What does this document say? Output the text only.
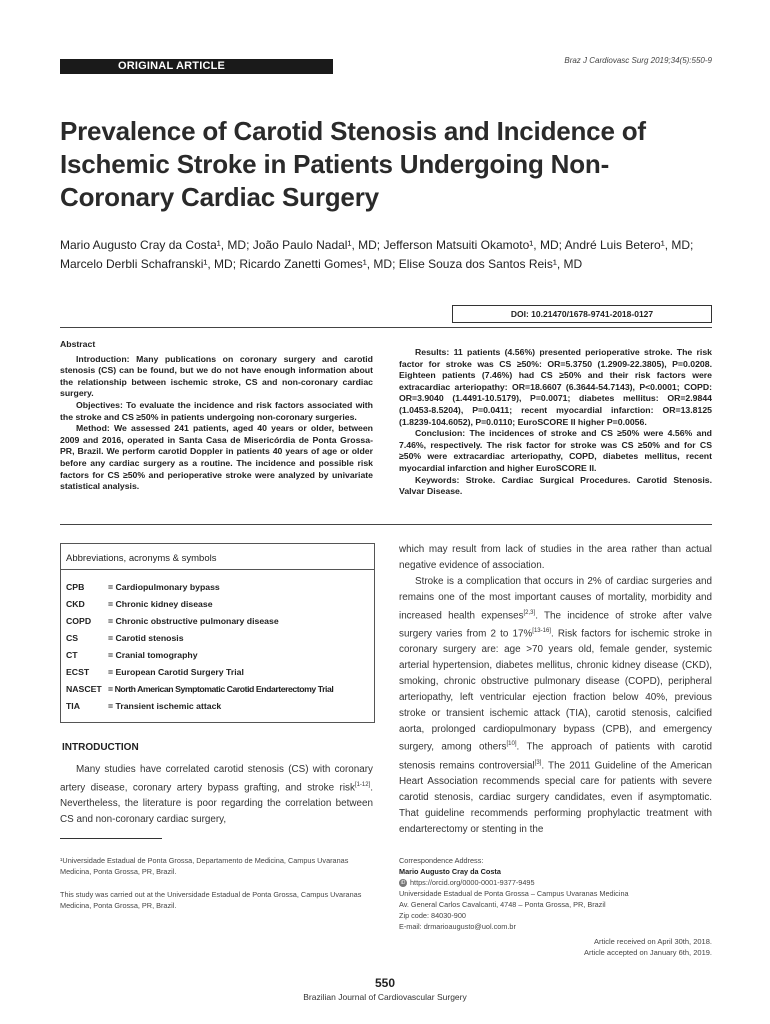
ORIGINAL ARTICLE	Braz J Cardiovasc Surg 2019;34(5):550-9
Prevalence of Carotid Stenosis and Incidence of Ischemic Stroke in Patients Undergoing Non-Coronary Cardiac Surgery
Mario Augusto Cray da Costa¹, MD; João Paulo Nadal¹, MD; Jefferson Matsuiti Okamoto¹, MD; André Luis Betero¹, MD; Marcelo Derbli Schafranski¹, MD; Ricardo Zanetti Gomes¹, MD; Elise Souza dos Santos Reis¹, MD
DOI: 10.21470/1678-9741-2018-0127

Abstract

Introduction: Many publications on coronary surgery and carotid stenosis (CS) can be found, but we do not have enough information about the relationship between ischemic stroke, CS and non-coronary cardiac surgery.

Objectives: To evaluate the incidence and risk factors associated with the stroke and CS ≥50% in patients undergoing non-coronary surgeries.

Method: We assessed 241 patients, aged 40 years or older, between 2009 and 2016, operated in Santa Casa de Misericórdia de Ponta Grossa-PR, Brazil. We perform carotid Doppler in patients 40 years of age or older before any cardiac surgery as a routine. The incidence and possible risk factors for CS ≥50% and perioperative stroke were analyzed by univariate statistical analysis.

Results: 11 patients (4.56%) presented perioperative stroke. The risk factor for stroke was CS ≥50%: OR=5.3750 (1.2909-22.3805), P=0.0208. Eighteen patients (7.46%) had CS ≥50% and their risk factors were extracardiac arteriopathy: OR=18.6607 (6.3644-54.7143), P<0.0001; COPD: OR=3.9040 (1.4491-10.5179), P=0.0071; diabetes mellitus: OR=2.9844 (1.0453-8.5204), P=0.0411; recent myocardial infarction: OR=13.8125 (1.8239-104.6052), P=0.0110; EuroSCORE II higher P=0.0056.

Conclusion: The incidences of stroke and CS ≥50% were 4.56% and 7.46%, respectively. The risk factor for stroke was CS ≥50% and for CS ≥50% were extracardiac arteriopathy, COPD, diabetes mellitus, recent myocardial infarction and higher EuroSCORE II.

Keywords: Stroke. Cardiac Surgical Procedures. Carotid Stenosis. Valvar Disease.

Abbreviations, acronyms & symbols
CPB	= Cardiopulmonary bypass
CKD	= Chronic kidney disease
COPD	= Chronic obstructive pulmonary disease
CS	= Carotid stenosis
CT	= Cranial tomography
ECST	= European Carotid Surgery Trial
NASCET = North American Symptomatic Carotid Endarterectomy Trial
TIA	= Transient ischemic attack
INTRODUCTION

Many studies have correlated carotid stenosis (CS) with coronary artery disease, coronary artery bypass grafting, and stroke risk[1-12]. Nevertheless, the literature is poor regarding the correlation between CS and non-coronary cardiac surgery,

which may result from lack of studies in the area rather than actual negative evidence of association.

Stroke is a complication that occurs in 2% of cardiac surgeries and remains one of the most important causes of mortality, morbidity and increased health expenses[2,3]. The incidence of stroke after valve surgery varies from 2 to 17%[13-16]. Risk factors for ischemic stroke in coronary surgery are: age >70 years old, female gender, systemic arterial hypertension, diabetes mellitus, chronic kidney disease (CKD), smoking, chronic obstructive pulmonary disease (COPD), peripheral arteriopathy, left ventricular ejection fraction below 40%, previous stroke or transient ischemic attack (TIA), carotid stenosis, calcified aorta, prolonged cardiopulmonary bypass (CPB), and emergency surgery, among others[10]. The approach of patients with carotid stenosis remains controversial[3]. The 2011 Guideline of the American Heart Association recommends special care for patients with severe carotid stenosis, cardiac surgery candidates, even if asymptomatic. That guideline recommends performing prophylactic treatment with endarterectomy or stenting in the

¹Universidade Estadual de Ponta Grossa, Departamento de Medicina, Campus Uvaranas Medicina, Ponta Grossa, PR, Brazil.
This study was carried out at the Universidade Estadual de Ponta Grossa, Campus Uvaranas Medicina, Ponta Grossa, PR, Brazil.
Correspondence Address:
Mario Augusto Cray da Costa
iD https://orcid.org/0000-0001-9377-9495
Universidade Estadual de Ponta Grossa – Campus Uvaranas Medicina
Av. General Carlos Cavalcanti, 4748 – Ponta Grossa, PR, Brazil
Zip code: 84030-900
E-mail: drmarioaugusto@uol.com.br
Article received on April 30th, 2018.
Article accepted on January 6th, 2019.
550
Brazilian Journal of Cardiovascular Surgery
